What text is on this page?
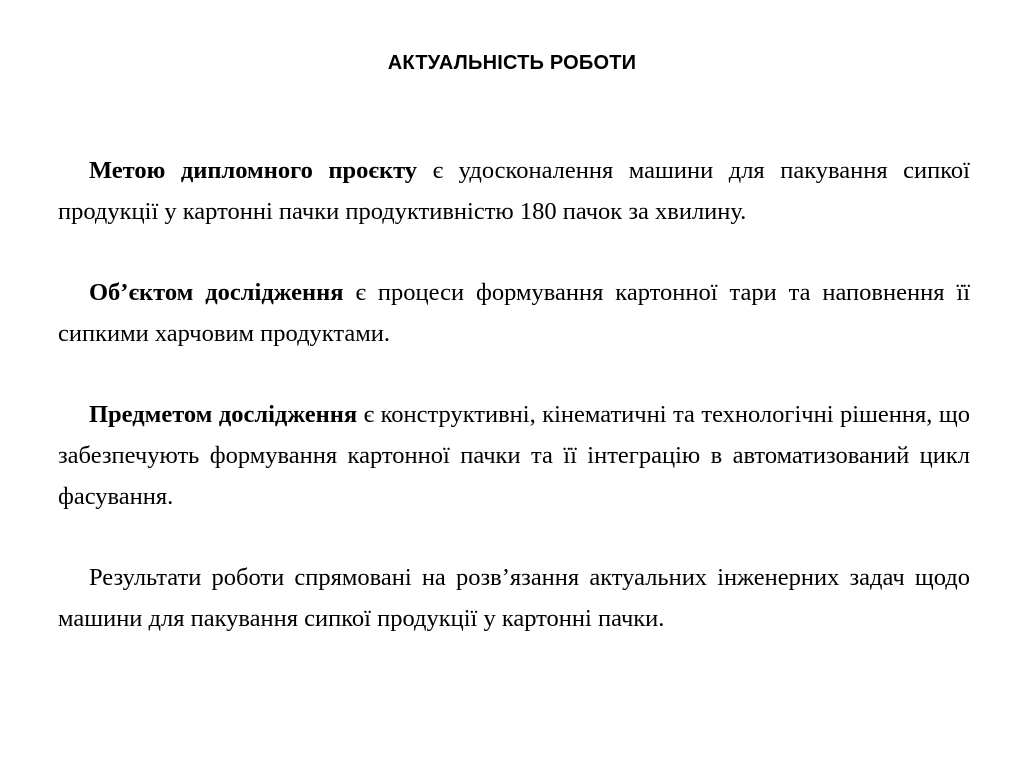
АКТУАЛЬНІСТЬ РОБОТИ

Метою дипломного проєкту є удосконалення машини для пакування сипкої продукції у картонні пачки продуктивністю 180 пачок за хвилину.

Об’єктом дослідження є процеси формування картонної тари та наповнення її сипкими харчовим продуктами.

Предметом дослідження є конструктивні, кінематичні та технологічні рішення, що забезпечують формування картонної пачки та її інтеграцію в автоматизований цикл фасування.

Результати роботи спрямовані на розв’язання актуальних інженерних задач щодо машини для пакування сипкої продукції у картонні пачки.
